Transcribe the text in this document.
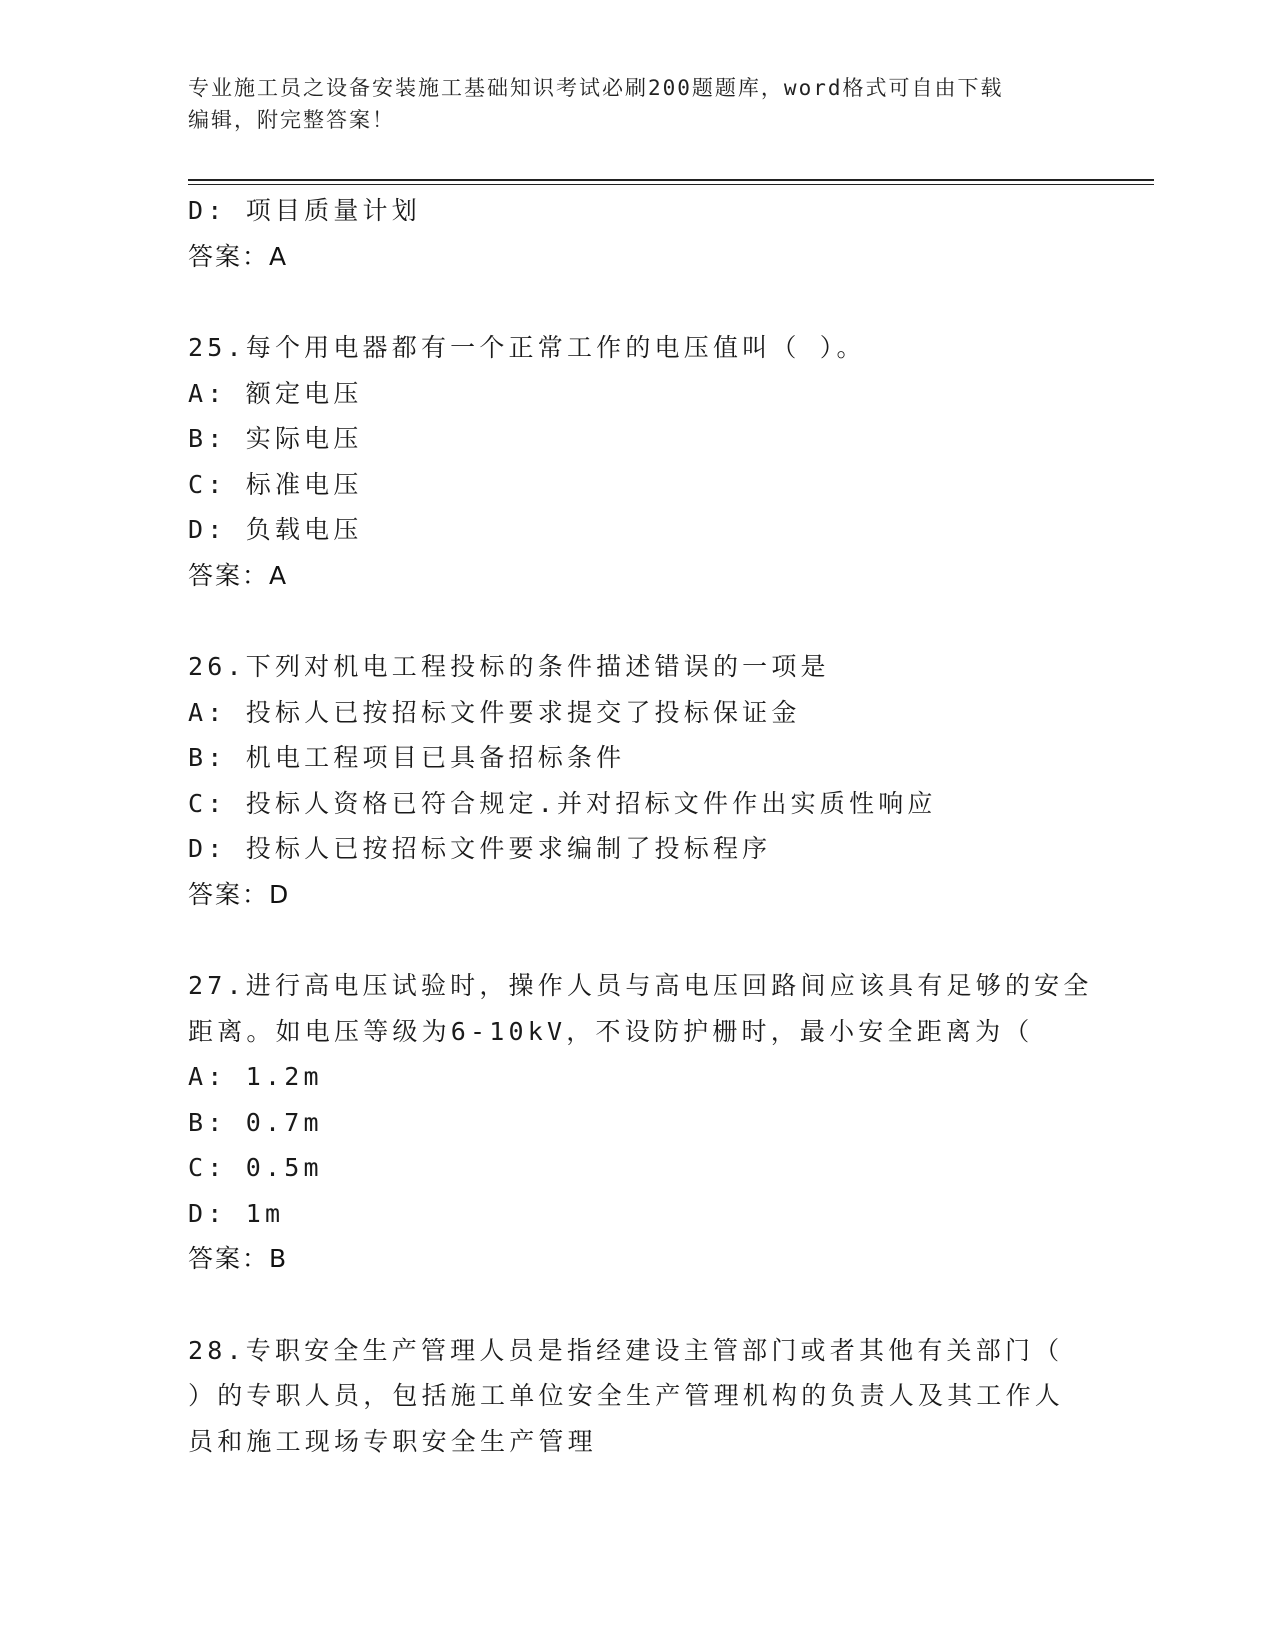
专业施工员之设备安装施工基础知识考试必刷200题题库，word格式可自由下载
编辑，附完整答案！
D: 项目质量计划
答案：A
25.每个用电器都有一个正常工作的电压值叫（ ）。
A: 额定电压
B: 实际电压
C: 标准电压
D: 负载电压
答案：A
26.下列对机电工程投标的条件描述错误的一项是
A: 投标人已按招标文件要求提交了投标保证金
B: 机电工程项目已具备招标条件
C: 投标人资格已符合规定.并对招标文件作出实质性响应
D: 投标人已按招标文件要求编制了投标程序
答案：D
27.进行高电压试验时，操作人员与高电压回路间应该具有足够的安全
距离。如电压等级为6-10kV，不设防护栅时，最小安全距离为（
A: 1.2m
B: 0.7m
C: 0.5m
D: 1m
答案：B
28.专职安全生产管理人员是指经建设主管部门或者其他有关部门（
）的专职人员，包括施工单位安全生产管理机构的负责人及其工作人
员和施工现场专职安全生产管理
